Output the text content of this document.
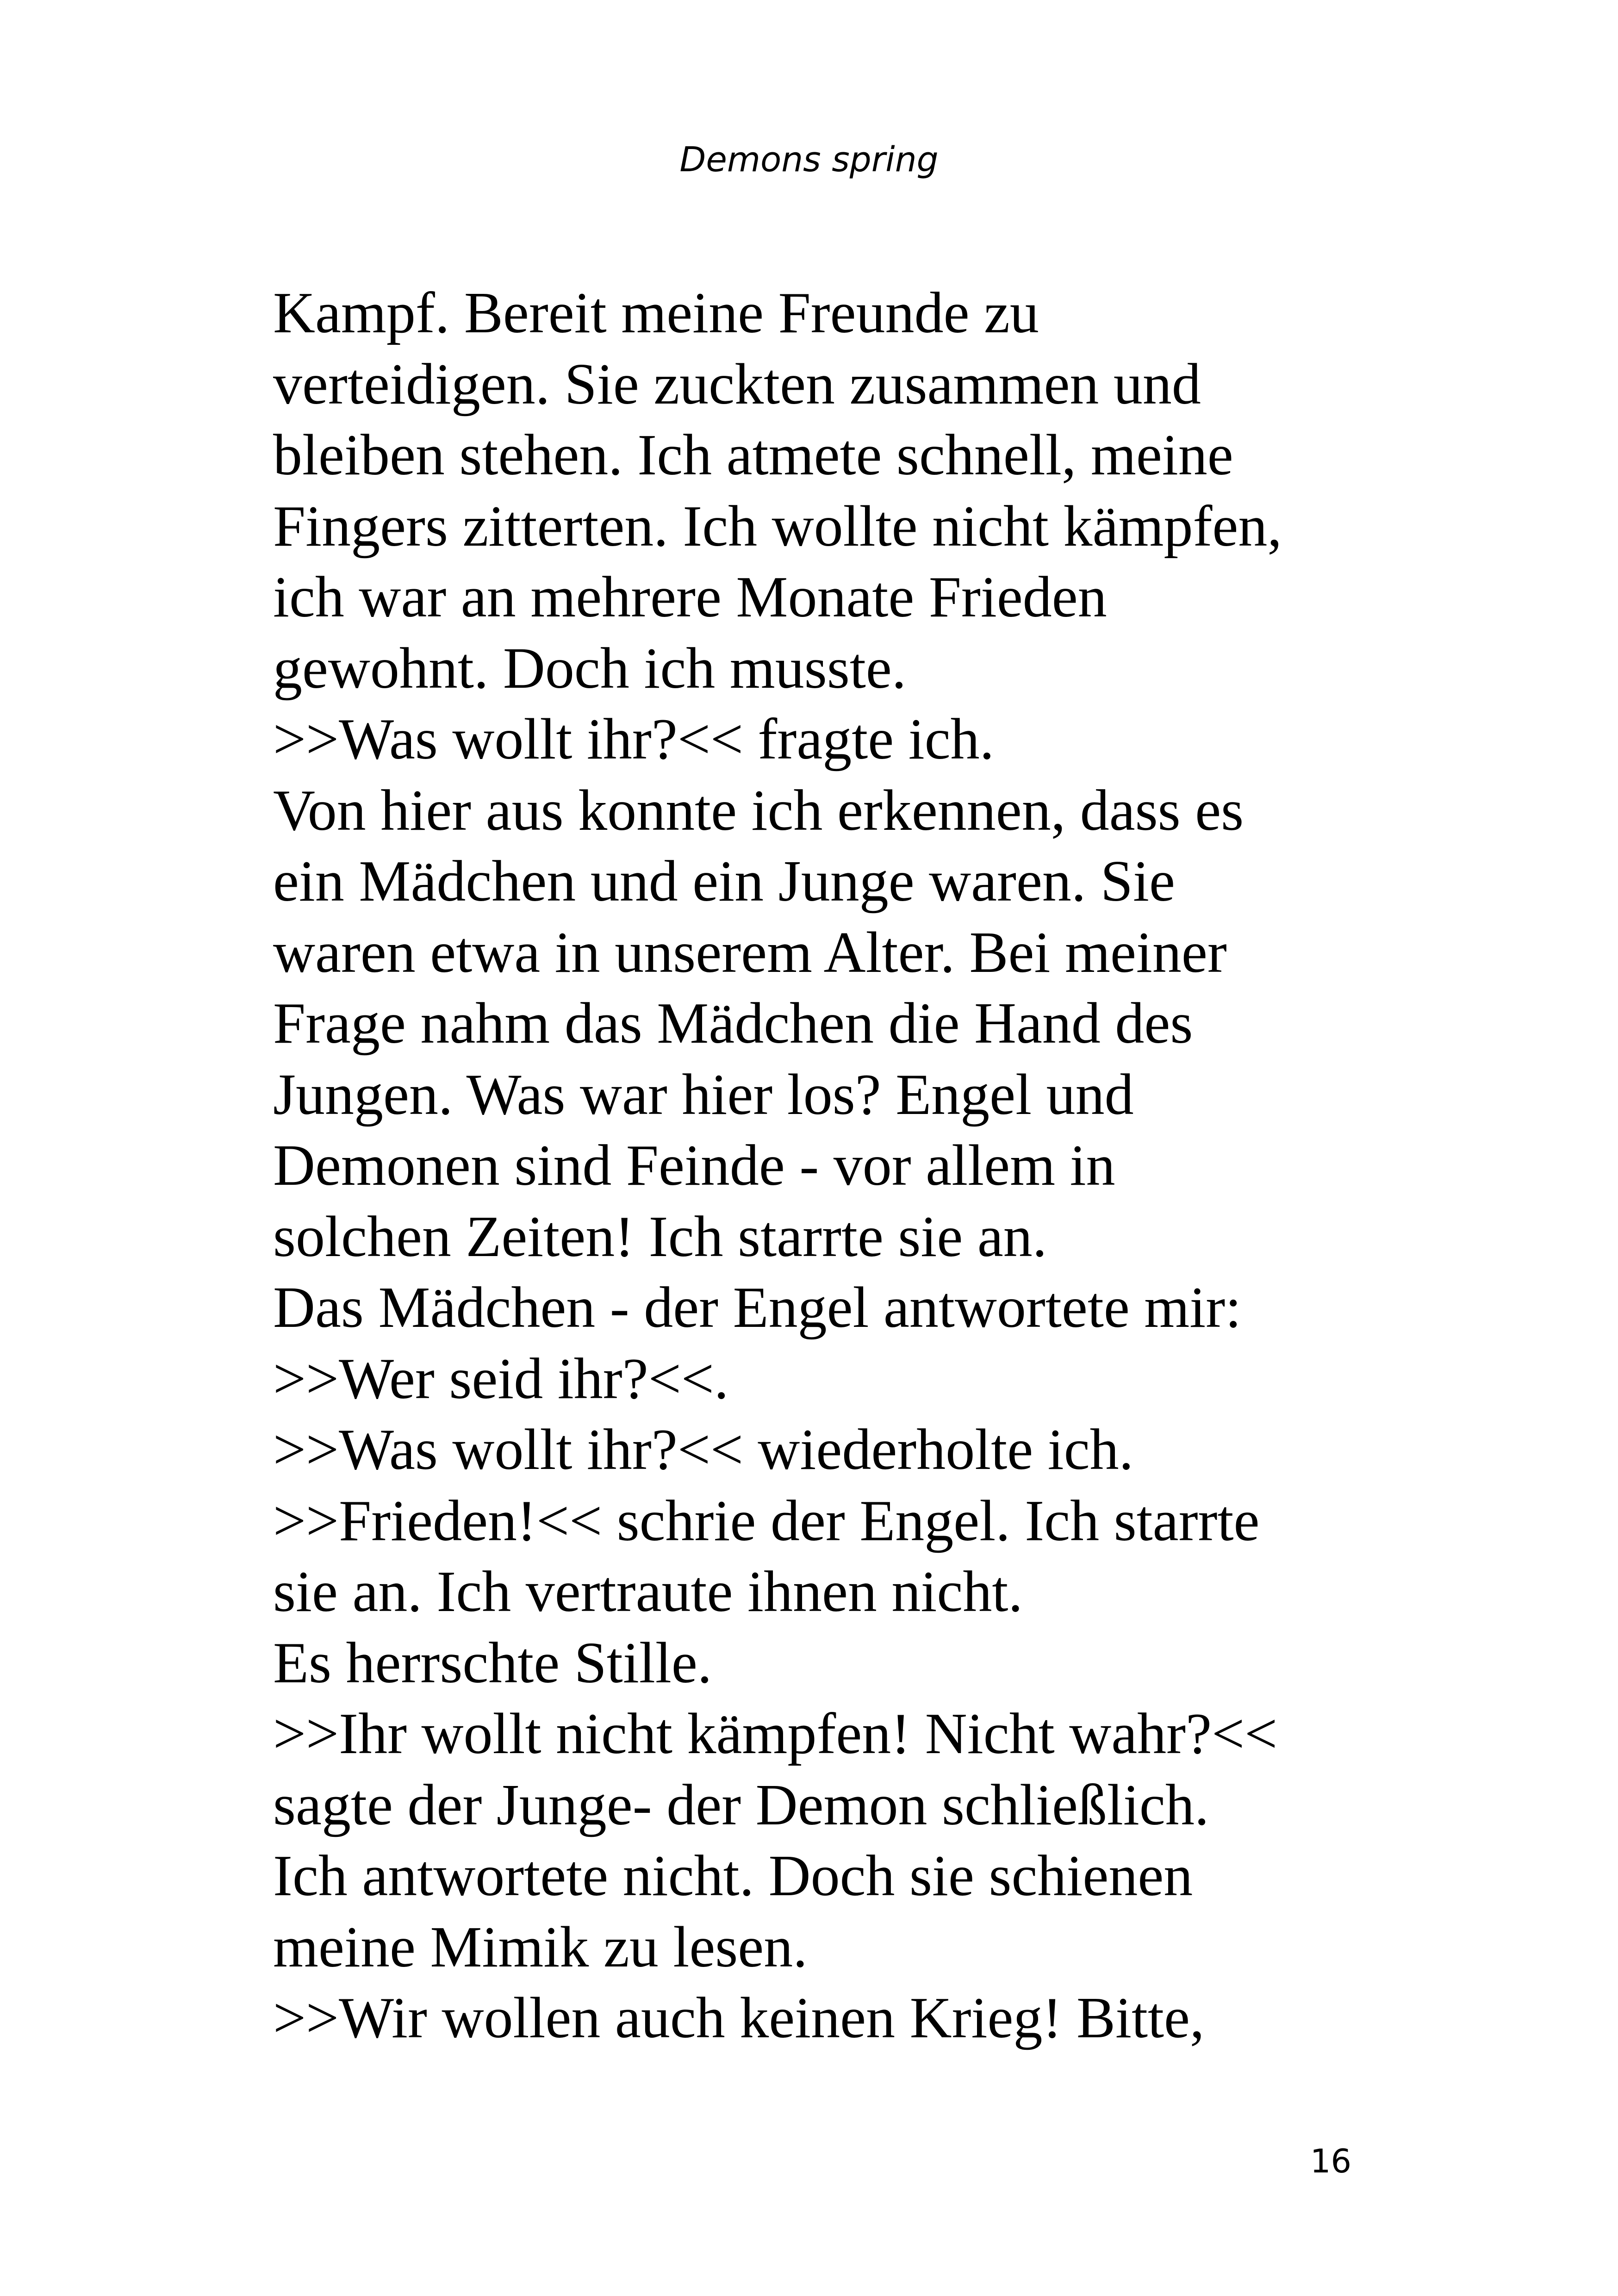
Demons spring
Kampf. Bereit meine Freunde zu
verteidigen. Sie zuckten zusammen und
bleiben stehen. Ich atmete schnell, meine
Fingers zitterten. Ich wollte nicht kämpfen,
ich war an mehrere Monate Frieden
gewohnt. Doch ich musste.
>>Was wollt ihr?<< fragte ich.
Von hier aus konnte ich erkennen, dass es
ein Mädchen und ein Junge waren. Sie
waren etwa in unserem Alter. Bei meiner
Frage nahm das Mädchen die Hand des
Jungen. Was war hier los? Engel und
Demonen sind Feinde - vor allem in
solchen Zeiten! Ich starrte sie an.
Das Mädchen - der Engel antwortete mir:
>>Wer seid ihr?<<.
>>Was wollt ihr?<< wiederholte ich.
>>Frieden!<< schrie der Engel. Ich starrte
sie an. Ich vertraute ihnen nicht.
Es herrschte Stille.
>>Ihr wollt nicht kämpfen! Nicht wahr?<<
sagte der Junge- der Demon schließlich.
Ich antwortete nicht. Doch sie schienen
meine Mimik zu lesen.
>>Wir wollen auch keinen Krieg! Bitte,
16
